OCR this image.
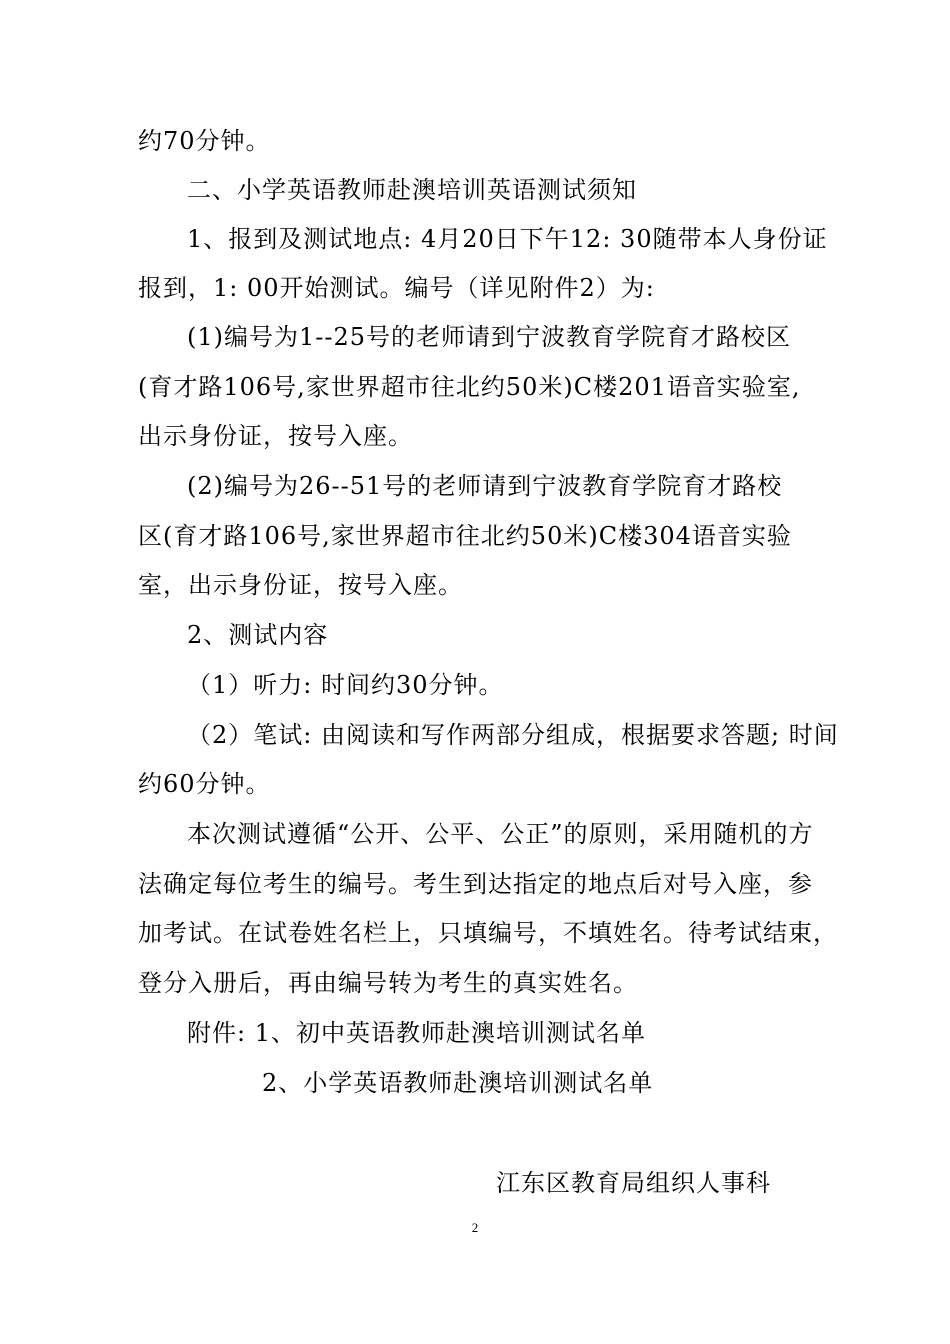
约70分钟。
二、小学英语教师赴澳培训英语测试须知
1、报到及测试地点: 4月20日下午12: 30随带本人身份证
报到，1: 00开始测试。编号（详见附件2）为:
(1)编号为1--25号的老师请到宁波教育学院育才路校区
(育才路106号,家世界超市往北约50米)C楼201语音实验室,
出示身份证，按号入座。
(2)编号为26--51号的老师请到宁波教育学院育才路校
区(育才路106号,家世界超市往北约50米)C楼304语音实验
室，出示身份证，按号入座。
2、测试内容
（1）听力: 时间约30分钟。
（2）笔试: 由阅读和写作两部分组成，根据要求答题; 时间
约60分钟。
本次测试遵循“公开、公平、公正”的原则，采用随机的方
法确定每位考生的编号。考生到达指定的地点后对号入座，参
加考试。在试卷姓名栏上，只填编号，不填姓名。待考试结束，
登分入册后，再由编号转为考生的真实姓名。
附件: 1、初中英语教师赴澳培训测试名单
2、小学英语教师赴澳培训测试名单
江东区教育局组织人事科
2
